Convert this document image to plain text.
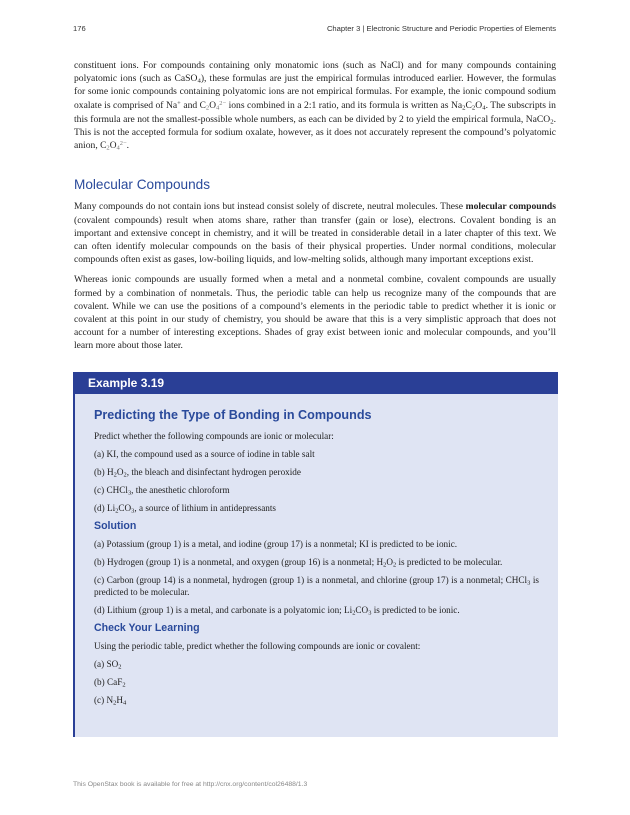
176	Chapter 3 | Electronic Structure and Periodic Properties of Elements

constituent ions. For compounds containing only monatomic ions (such as NaCl) and for many compounds containing polyatomic ions (such as CaSO$_4$), these formulas are just the empirical formulas introduced earlier. However, the formulas for some ionic compounds containing polyatomic ions are not empirical formulas. For example, the ionic compound sodium oxalate is comprised of Na+ and $C_2O_4^{2-}$ ions combined in a 2:1 ratio, and its formula is written as $Na_2C_2O_4$. The subscripts in this formula are not the smallest-possible whole numbers, as each can be divided by 2 to yield the empirical formula, NaCO$_2$. This is not the accepted formula for sodium oxalate, however, as it does not accurately represent the compound’s polyatomic anion, $C_2O_4^{2-}$.

Molecular Compounds

Many compounds do not contain ions but instead consist solely of discrete, neutral molecules. These molecular compounds (covalent compounds) result when atoms share, rather than transfer (gain or lose), electrons. Covalent bonding is an important and extensive concept in chemistry, and it will be treated in considerable detail in a later chapter of this text. We can often identify molecular compounds on the basis of their physical properties. Under normal conditions, molecular compounds often exist as gases, low-boiling liquids, and low-melting solids, although many important exceptions exist.

Whereas ionic compounds are usually formed when a metal and a nonmetal combine, covalent compounds are usually formed by a combination of nonmetals. Thus, the periodic table can help us recognize many of the compounds that are covalent. While we can use the positions of a compound’s elements in the periodic table to predict whether it is ionic or covalent at this point in our study of chemistry, you should be aware that this is a very simplistic approach that does not account for a number of interesting exceptions. Shades of gray exist between ionic and molecular compounds, and you’ll learn more about those later.

Example 3.19
Predicting the Type of Bonding in Compounds

Predict whether the following compounds are ionic or molecular:

(a) KI, the compound used as a source of iodine in table salt

(b) $H_2O_2$, the bleach and disinfectant hydrogen peroxide

(c) CHCl$_3$, the anesthetic chloroform

(d) $Li_2CO_3$, a source of lithium in antidepressants

Solution

(a) Potassium (group 1) is a metal, and iodine (group 17) is a nonmetal; KI is predicted to be ionic.

(b) Hydrogen (group 1) is a nonmetal, and oxygen (group 16) is a nonmetal; $H_2O_2$ is predicted to be molecular.

(c) Carbon (group 14) is a nonmetal, hydrogen (group 1) is a nonmetal, and chlorine (group 17) is a nonmetal; CHCl$_3$ is predicted to be molecular.

(d) Lithium (group 1) is a metal, and carbonate is a polyatomic ion; $Li_2CO_3$ is predicted to be ionic.

Check Your Learning

Using the periodic table, predict whether the following compounds are ionic or covalent:

(a) $SO_2$

(b) CaF$_2$

(c) $N_2H_4$

This OpenStax book is available for free at http://cnx.org/content/col26488/1.3
